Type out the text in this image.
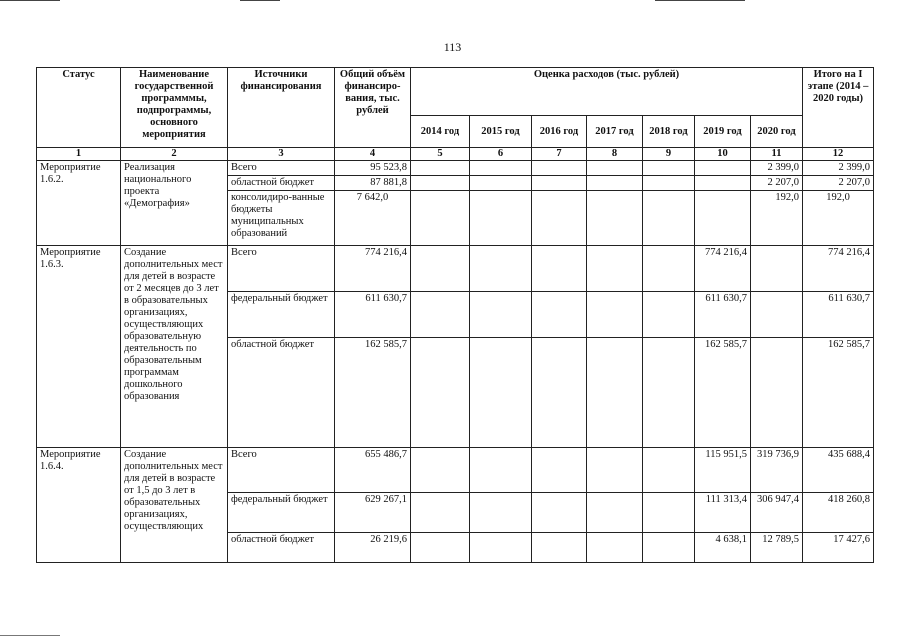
113
Статус	Наименование государственной программмы, подпрограммы, основного мероприятия	Источники финансирования	Общий объём финансиро-вания, тыс. рублей	Оценка расходов (тыс. рублей)							Итого на I этапе (2014 – 2020 годы)
				2014 год	2015 год	2016 год	2017 год	2018 год	2019 год	2020 год	
1	2	3	4	5	6	7	8	9	10	11	12
Мероприятие 1.6.2.	Реализация национального проекта «Демография»	Всего	95 523,8							2 399,0	2 399,0
		областной бюджет	87 881,8							2 207,0	2 207,0
		консолидиро-ванные бюджеты муниципальных образований	7 642,0							192,0	192,0
Мероприятие 1.6.3.	Создание дополнительных мест для детей в возрасте от 2 месяцев до 3 лет в образовательных организациях, осуществляющих образовательную деятельность по образовательным программам дошкольного образования	Всего	774 216,4						774 216,4		774 216,4
		федеральный бюджет	611 630,7						611 630,7		611 630,7
		областной бюджет	162 585,7						162 585,7		162 585,7
Мероприятие 1.6.4.	Создание дополнительных мест для детей в возрасте от 1,5 до 3 лет в образовательных организациях, осуществляющих	Всего	655 486,7						115 951,5	319 736,9	435 688,4
		федеральный бюджет	629 267,1						111 313,4	306 947,4	418 260,8
		областной бюджет	26 219,6						4 638,1	12 789,5	17 427,6
